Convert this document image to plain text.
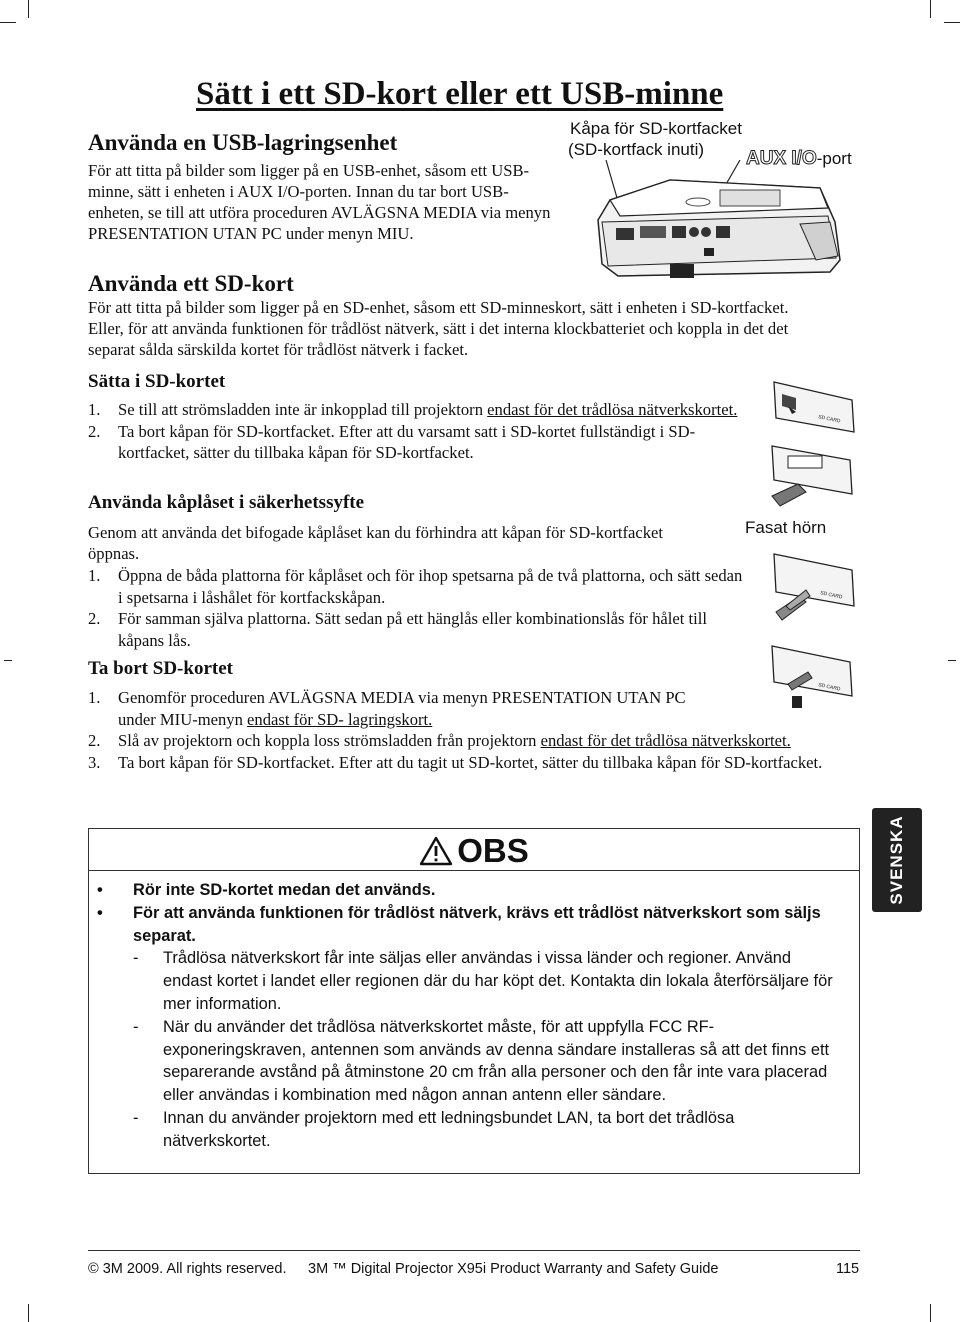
Sätt i ett SD-kort eller ett USB-minne
Använda en USB-lagringsenhet

För att titta på bilder som ligger på en USB-enhet, såsom ett USB-

minne, sätt i enheten i AUX I/O-porten. Innan du tar bort USB-

enheten, se till att utföra proceduren AVLÄGSNA MEDIA via menyn

PRESENTATION UTAN PC under menyn MIU.

Kåpa för SD-kortfacket
(SD-kortfack inuti) AUX I/O-port
Använda ett SD-kort

För att titta på bilder som ligger på en SD-enhet, såsom ett SD-minneskort, sätt i enheten i SD-kortfacket.

Eller, för att använda funktionen för trådlöst nätverk, sätt i det interna klockbatteriet och koppla in det det

separat sålda särskilda kortet för trådlöst nätverk i facket.

Sätta i SD-kortet
1. Se till att strömsladden inte är inkopplad till projektorn endast för det trådlösa nätverkskortet.
2. Ta bort kåpan för SD-kortfacket. Efter att du varsamt satt i SD-kortet fullständigt i SD-kortfacket, sätter du tillbaka kåpan för SD-kortfacket.
SD CARD
Fasat hörn
SD CARD
SD CARD
Använda kåplåset i säkerhetssyfte

Genom att använda det bifogade kåplåset kan du förhindra att kåpan för SD-kortfacket öppnas.

1. Öppna de båda plattorna för kåplåset och för ihop spetsarna på de två plattorna, och sätt sedan i spetsarna i låshålet för kortfackskåpan.
2. För samman själva plattorna. Sätt sedan på ett hänglås eller kombinationslås för hålet till kåpans lås.
Ta bort SD-kortet
1. Genomför proceduren AVLÄGSNA MEDIA via menyn PRESENTATION UTAN PC under MIU-menyn endast för SD- lagringskort.
2. Slå av projektorn och koppla loss strömsladden från projektorn endast för det trådlösa nätverkskortet.
3. Ta bort kåpan för SD-kortfacket. Efter att du tagit ut SD-kortet, sätter du tillbaka kåpan för SD-kortfacket.
OBS
• Rör inte SD-kortet medan det används.
• För att använda funktionen för trådlöst nätverk, krävs ett trådlöst nätverkskort som säljs separat.
- Trådlösa nätverkskort får inte säljas eller användas i vissa länder och regioner. Använd endast kortet i landet eller regionen där du har köpt det. Kontakta din lokala återförsäljare för mer information.
- När du använder det trådlösa nätverkskortet måste, för att uppfylla FCC RF-exponeringskraven, antennen som används av denna sändare installeras så att det finns ett separerande avstånd på åtminstone 20 cm från alla personer och den får inte vara placerad eller användas i kombination med någon annan antenn eller sändare.
- Innan du använder projektorn med ett ledningsbundet LAN, ta bort det trådlösa nätverkskortet.
SVENSKA
© 3M 2009. All rights reserved. 3M ™ Digital Projector X95i Product Warranty and Safety Guide	115
